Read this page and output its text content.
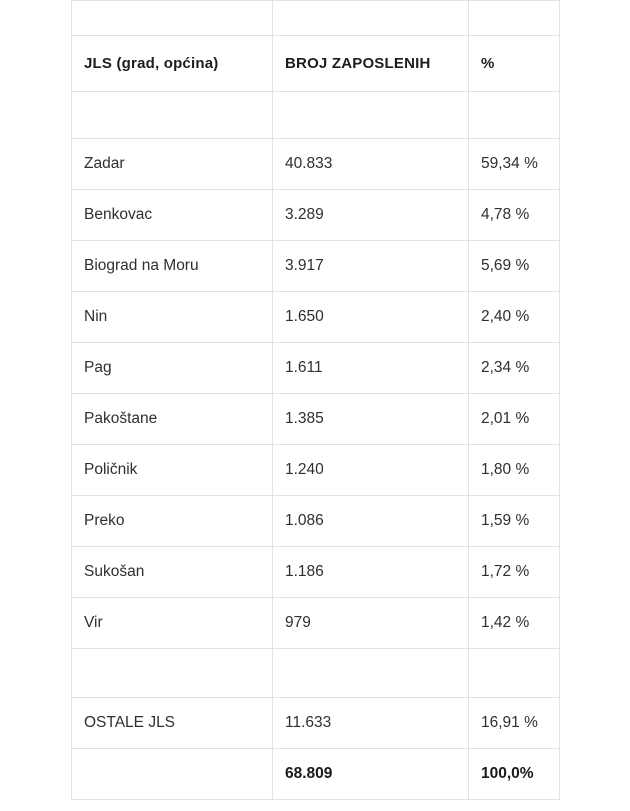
JLS (grad, općina)	BROJ ZAPOSLENIH	%

Zadar	40.833	59,34 %
Benkovac	3.289	4,78 %
Biograd na Moru	3.917	5,69 %
Nin	1.650	2,40 %
Pag	1.611	2,34 %
Pakoštane	1.385	2,01 %
Poličnik	1.240	1,80 %
Preko	1.086	1,59 %
Sukošan	1.186	1,72 %
Vir	979	1,42 %

OSTALE JLS	11.633	16,91 %
	68.809	100,0%
